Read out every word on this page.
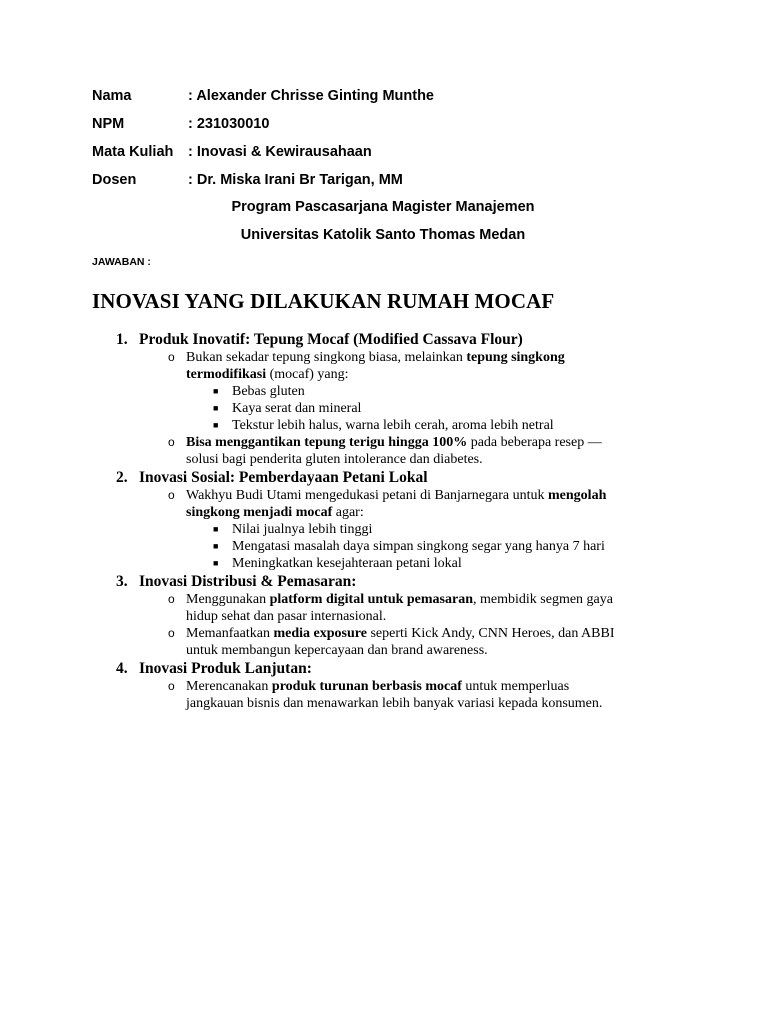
Nama	: Alexander Chrisse Ginting Munthe
NPM	: 231030010
Mata Kuliah	: Inovasi & Kewirausahaan
Dosen	: Dr. Miska Irani Br Tarigan, MM
Program Pascasarjana Magister Manajemen
Universitas Katolik Santo Thomas Medan
JAWABAN :
INOVASI YANG DILAKUKAN RUMAH MOCAF
1. Produk Inovatif: Tepung Mocaf (Modified Cassava Flour)
o Bukan sekadar tepung singkong biasa, melainkan tepung singkong
termodifikasi (mocaf) yang:
■ Bebas gluten
■ Kaya serat dan mineral
■ Tekstur lebih halus, warna lebih cerah, aroma lebih netral
o Bisa menggantikan tepung terigu hingga 100% pada beberapa resep —
solusi bagi penderita gluten intolerance dan diabetes.
2. Inovasi Sosial: Pemberdayaan Petani Lokal
o Wakhyu Budi Utami mengedukasi petani di Banjarnegara untuk mengolah
singkong menjadi mocaf agar:
■ Nilai jualnya lebih tinggi
■ Mengatasi masalah daya simpan singkong segar yang hanya 7 hari
■ Meningkatkan kesejahteraan petani lokal
3. Inovasi Distribusi & Pemasaran:
o Menggunakan platform digital untuk pemasaran, membidik segmen gaya
hidup sehat dan pasar internasional.
o Memanfaatkan media exposure seperti Kick Andy, CNN Heroes, dan ABBI
untuk membangun kepercayaan dan brand awareness.
4. Inovasi Produk Lanjutan:
o Merencanakan produk turunan berbasis mocaf untuk memperluas
jangkauan bisnis dan menawarkan lebih banyak variasi kepada konsumen.
